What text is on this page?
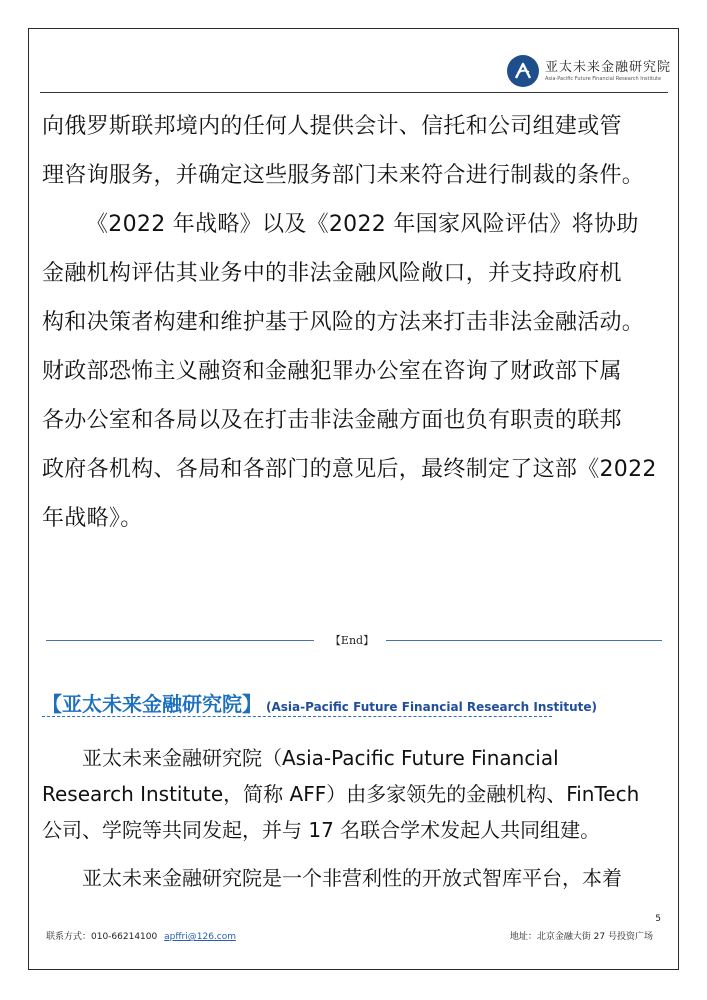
亚太未来金融研究院
Asia-Pacific Future Financial Research Institute

向俄罗斯联邦境内的任何人提供会计、信托和公司组建或管

理咨询服务，并确定这些服务部门未来符合进行制裁的条件。

《2022 年战略》以及《2022 年国家风险评估》将协助

金融机构评估其业务中的非法金融风险敞口，并支持政府机

构和决策者构建和维护基于风险的方法来打击非法金融活动。

财政部恐怖主义融资和金融犯罪办公室在咨询了财政部下属

各办公室和各局以及在打击非法金融方面也负有职责的联邦

政府各机构、各局和各部门的意见后，最终制定了这部《2022

年战略》。

【End】
【亚太未来金融研究院】 (Asia-Pacific Future Financial Research Institute)

亚太未来金融研究院（Asia-Pacific Future Financial

Research Institute，简称 AFF）由多家领先的金融机构、FinTech

公司、学院等共同发起，并与 17 名联合学术发起人共同组建。

亚太未来金融研究院是一个非营利性的开放式智库平台，本着

5
联系方式：010-66214100 apffri@126.com	地址：北京金融大街 27 号投资广场
